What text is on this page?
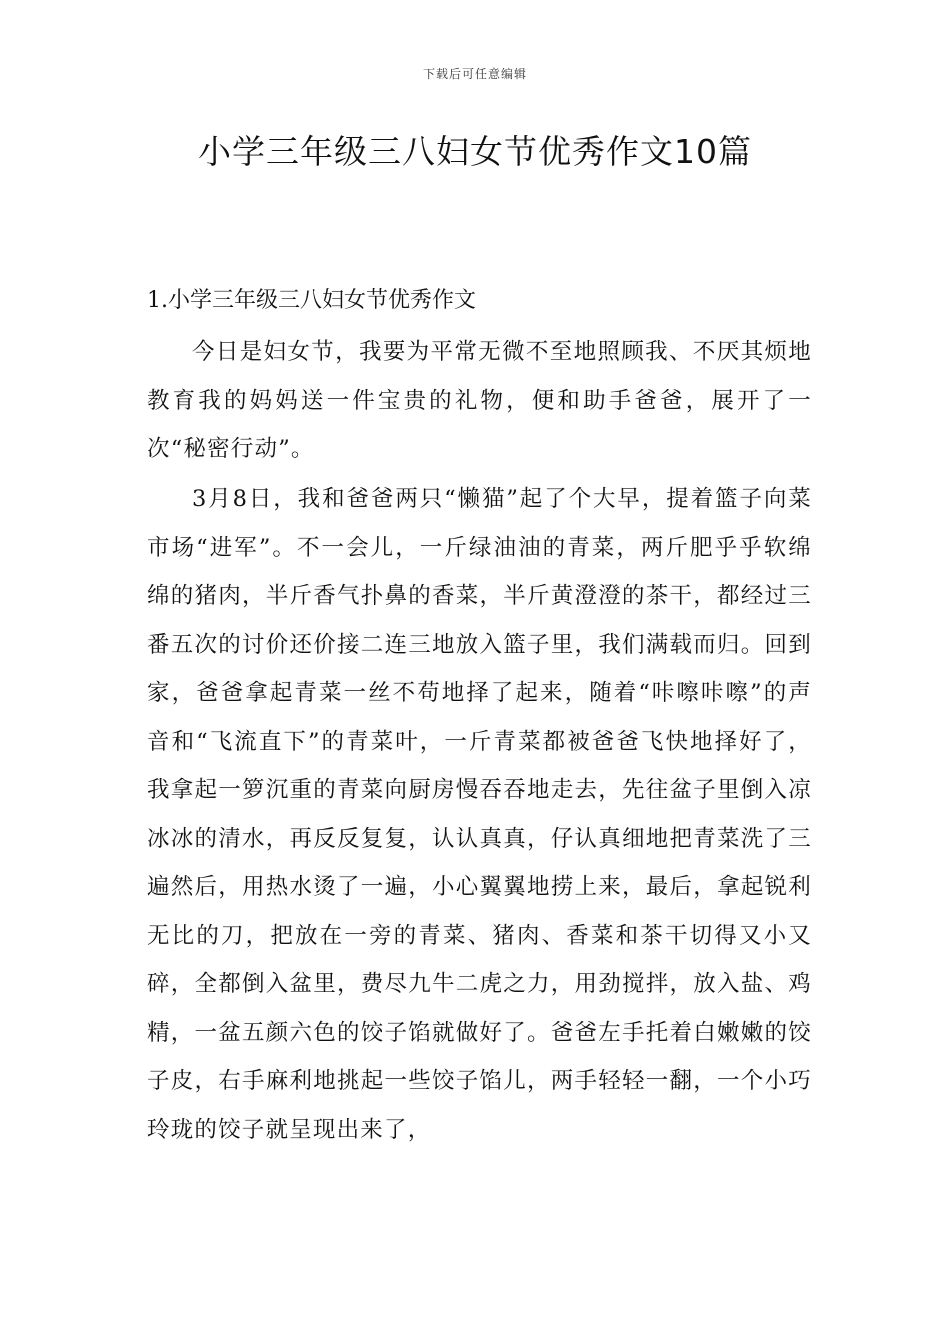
下载后可任意编辑
小学三年级三八妇女节优秀作文10篇
1.小学三年级三八妇女节优秀作文

今日是妇女节，我要为平常无微不至地照顾我、不厌其烦地教育我的妈妈送一件宝贵的礼物，便和助手爸爸，展开了一次“秘密行动”。

3月8日，我和爸爸两只“懒猫”起了个大早，提着篮子向菜市场“进军”。不一会儿，一斤绿油油的青菜，两斤肥乎乎软绵绵的猪肉，半斤香气扑鼻的香菜，半斤黄澄澄的茶干，都经过三番五次的讨价还价接二连三地放入篮子里，我们满载而归。回到家，爸爸拿起青菜一丝不苟地择了起来，随着“咔嚓咔嚓”的声音和“飞流直下”的青菜叶，一斤青菜都被爸爸飞快地择好了，我拿起一箩沉重的青菜向厨房慢吞吞地走去，先往盆子里倒入凉冰冰的清水，再反反复复，认认真真，仔认真细地把青菜洗了三遍然后，用热水烫了一遍，小心翼翼地捞上来，最后，拿起锐利无比的刀，把放在一旁的青菜、猪肉、香菜和茶干切得又小又碎，全都倒入盆里，费尽九牛二虎之力，用劲搅拌，放入盐、鸡精，一盆五颜六色的饺子馅就做好了。爸爸左手托着白嫩嫩的饺子皮，右手麻利地挑起一些饺子馅儿，两手轻轻一翻，一个小巧玲珑的饺子就呈现出来了，
